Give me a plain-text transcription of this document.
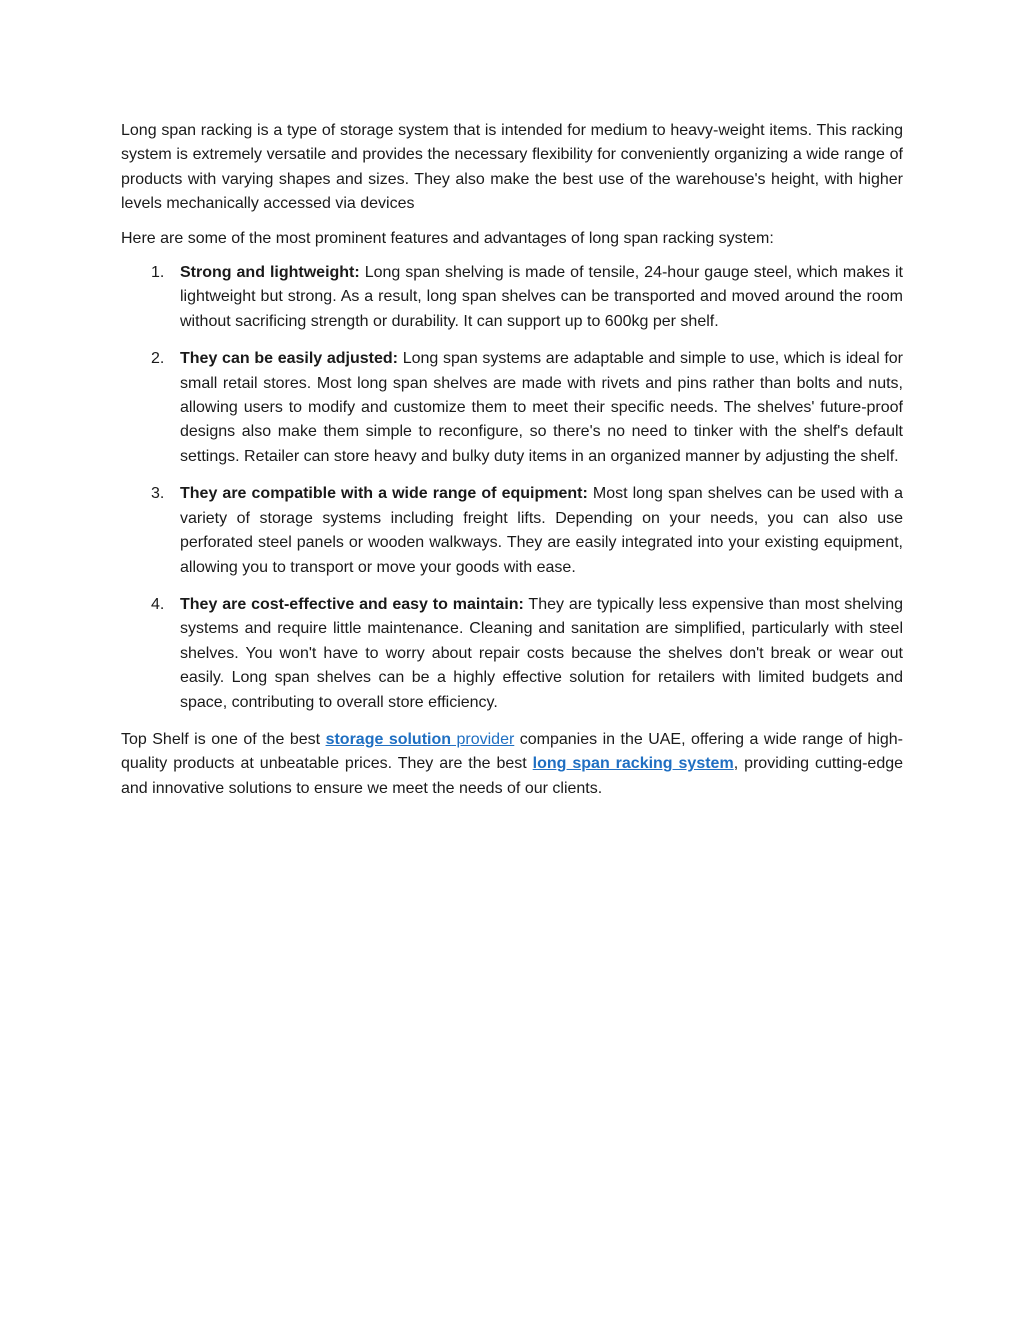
Long span racking is a type of storage system that is intended for medium to heavy-weight items. This racking system is extremely versatile and provides the necessary flexibility for conveniently organizing a wide range of products with varying shapes and sizes. They also make the best use of the warehouse's height, with higher levels mechanically accessed via devices

Here are some of the most prominent features and advantages of long span racking system:

1. Strong and lightweight: Long span shelving is made of tensile, 24-hour gauge steel, which makes it lightweight but strong. As a result, long span shelves can be transported and moved around the room without sacrificing strength or durability. It can support up to 600kg per shelf.
2. They can be easily adjusted: Long span systems are adaptable and simple to use, which is ideal for small retail stores. Most long span shelves are made with rivets and pins rather than bolts and nuts, allowing users to modify and customize them to meet their specific needs. The shelves' future-proof designs also make them simple to reconfigure, so there's no need to tinker with the shelf's default settings. Retailer can store heavy and bulky duty items in an organized manner by adjusting the shelf.
3. They are compatible with a wide range of equipment: Most long span shelves can be used with a variety of storage systems including freight lifts. Depending on your needs, you can also use perforated steel panels or wooden walkways. They are easily integrated into your existing equipment, allowing you to transport or move your goods with ease.
4. They are cost-effective and easy to maintain: They are typically less expensive than most shelving systems and require little maintenance. Cleaning and sanitation are simplified, particularly with steel shelves. You won't have to worry about repair costs because the shelves don't break or wear out easily. Long span shelves can be a highly effective solution for retailers with limited budgets and space, contributing to overall store efficiency.

Top Shelf is one of the best storage solution provider companies in the UAE, offering a wide range of high-quality products at unbeatable prices. They are the best long span racking system, providing cutting-edge and innovative solutions to ensure we meet the needs of our clients.
